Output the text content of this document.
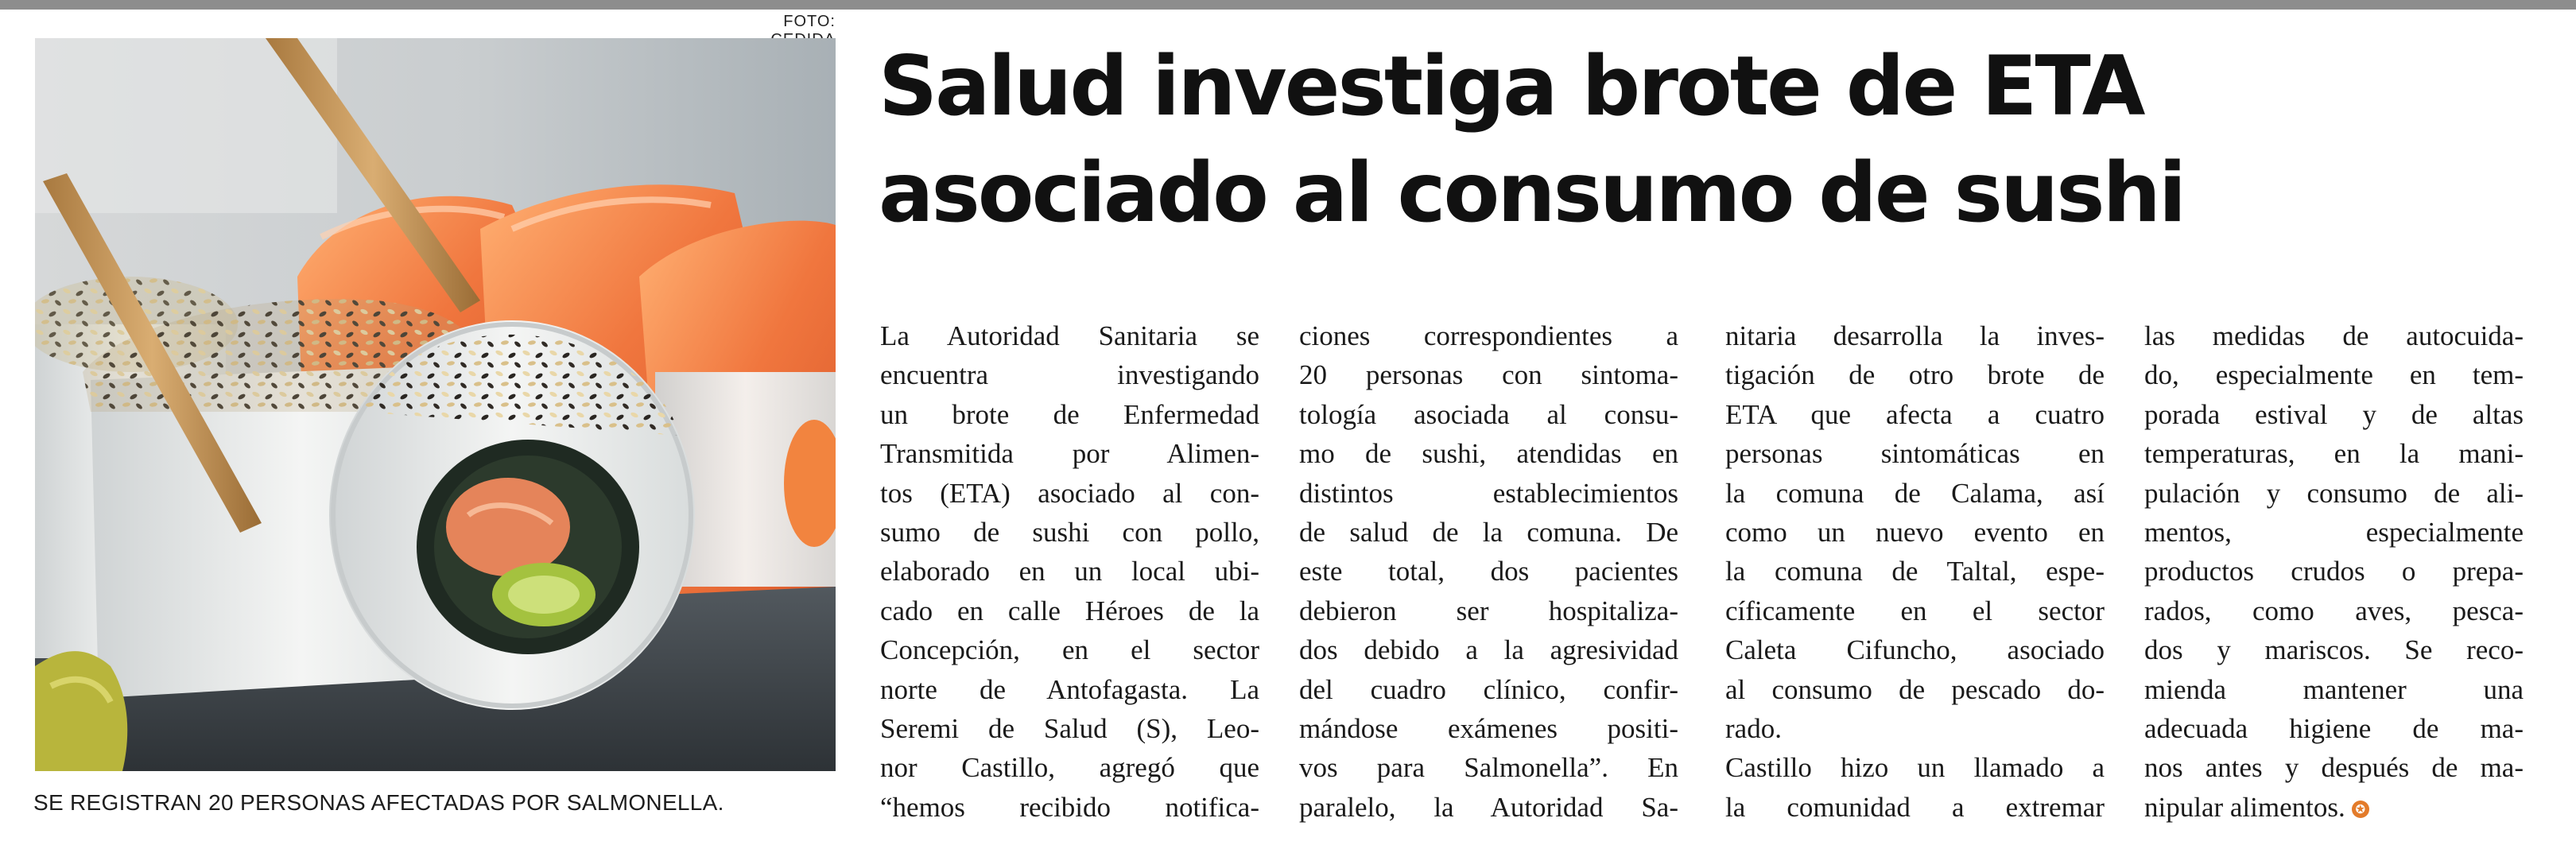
FOTO:
SE REGISTRAN 20 PERSONAS AFECTADAS POR SALMONELLA.
Salud investiga brote de ETA
asociado al consumo de sushi

La Autoridad Sanitaria se
encuentra investigando
un brote de Enfermedad
Transmitida por Alimen-
tos (ETA) asociado al con-
sumo de sushi con pollo,
elaborado en un local ubi-
cado en calle Héroes de la
Concepción, en el sector
norte de Antofagasta. La
Seremi de Salud (S), Leo-
nor Castillo, agregó que
“hemos recibido notifica-

ciones correspondientes a
20 personas con sintoma-
tología asociada al consu-
mo de sushi, atendidas en
distintos establecimientos
de salud de la comuna. De
este total, dos pacientes
debieron ser hospitaliza-
dos debido a la agresividad
del cuadro clínico, confir-
mándose exámenes positi-
vos para Salmonella”. En
paralelo, la Autoridad Sa-

nitaria desarrolla la inves-
tigación de otro brote de
ETA que afecta a cuatro
personas sintomáticas en
la comuna de Calama, así
como un nuevo evento en
la comuna de Taltal, espe-
cíficamente en el sector
Caleta Cifuncho, asociado
al consumo de pescado do-
rado.

Castillo hizo un llamado a
la comunidad a extremar

las medidas de autocuida-
do, especialmente en tem-
porada estival y de altas
temperaturas, en la mani-
pulación y consumo de ali-
mentos, especialmente
productos crudos o prepa-
rados, como aves, pesca-
dos y mariscos. Se reco-
mienda mantener una
adecuada higiene de ma-
nos antes y después de ma-
nipular alimentos. ✪
